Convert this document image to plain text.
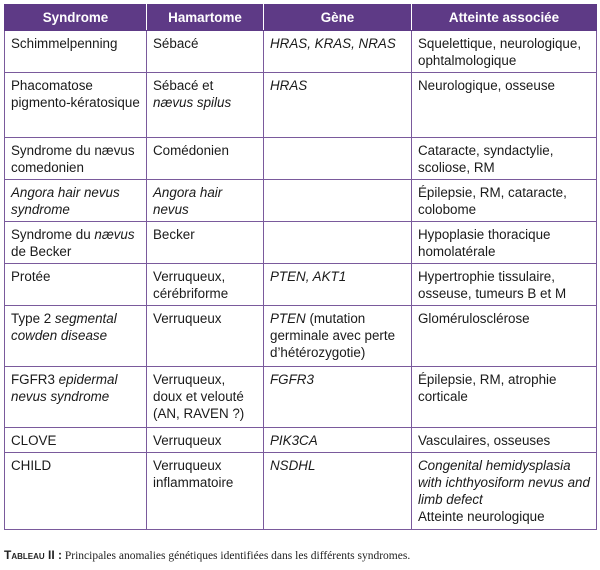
Syndrome	Hamartome	Gène	Atteinte associée
Schimmelpenning	Sébacé	HRAS, KRAS, NRAS	Squelettique, neurologique, ophtalmologique
Phacomatose pigmento-kératosique	Sébacé et nævus spilus	HRAS	Neurologique, osseuse
Syndrome du nævus comedonien	Comédonien		Cataracte, syndactylie, scoliose, RM
Angora hair nevus syndrome	Angora hair nevus		Épilepsie, RM, cataracte, colobome
Syndrome du nævus de Becker	Becker		Hypoplasie thoracique homolatérale
Protée	Verruqueux, cérébriforme	PTEN, AKT1	Hypertrophie tissulaire, osseuse, tumeurs B et M
Type 2 segmental cowden disease	Verruqueux	PTEN (mutation germinale avec perte d’hétérozygotie)	Glomérulosclérose
FGFR3 epidermal nevus syndrome	Verruqueux, doux et velouté (AN, RAVEN ?)	FGFR3	Épilepsie, RM, atrophie corticale
CLOVE	Verruqueux	PIK3CA	Vasculaires, osseuses
CHILD	Verruqueux inflammatoire	NSDHL	Congenital hemidysplasia with ichthyosiform nevus and limb defect
Atteinte neurologique
Tableau II : Principales anomalies génétiques identifiées dans les différents syndromes.
